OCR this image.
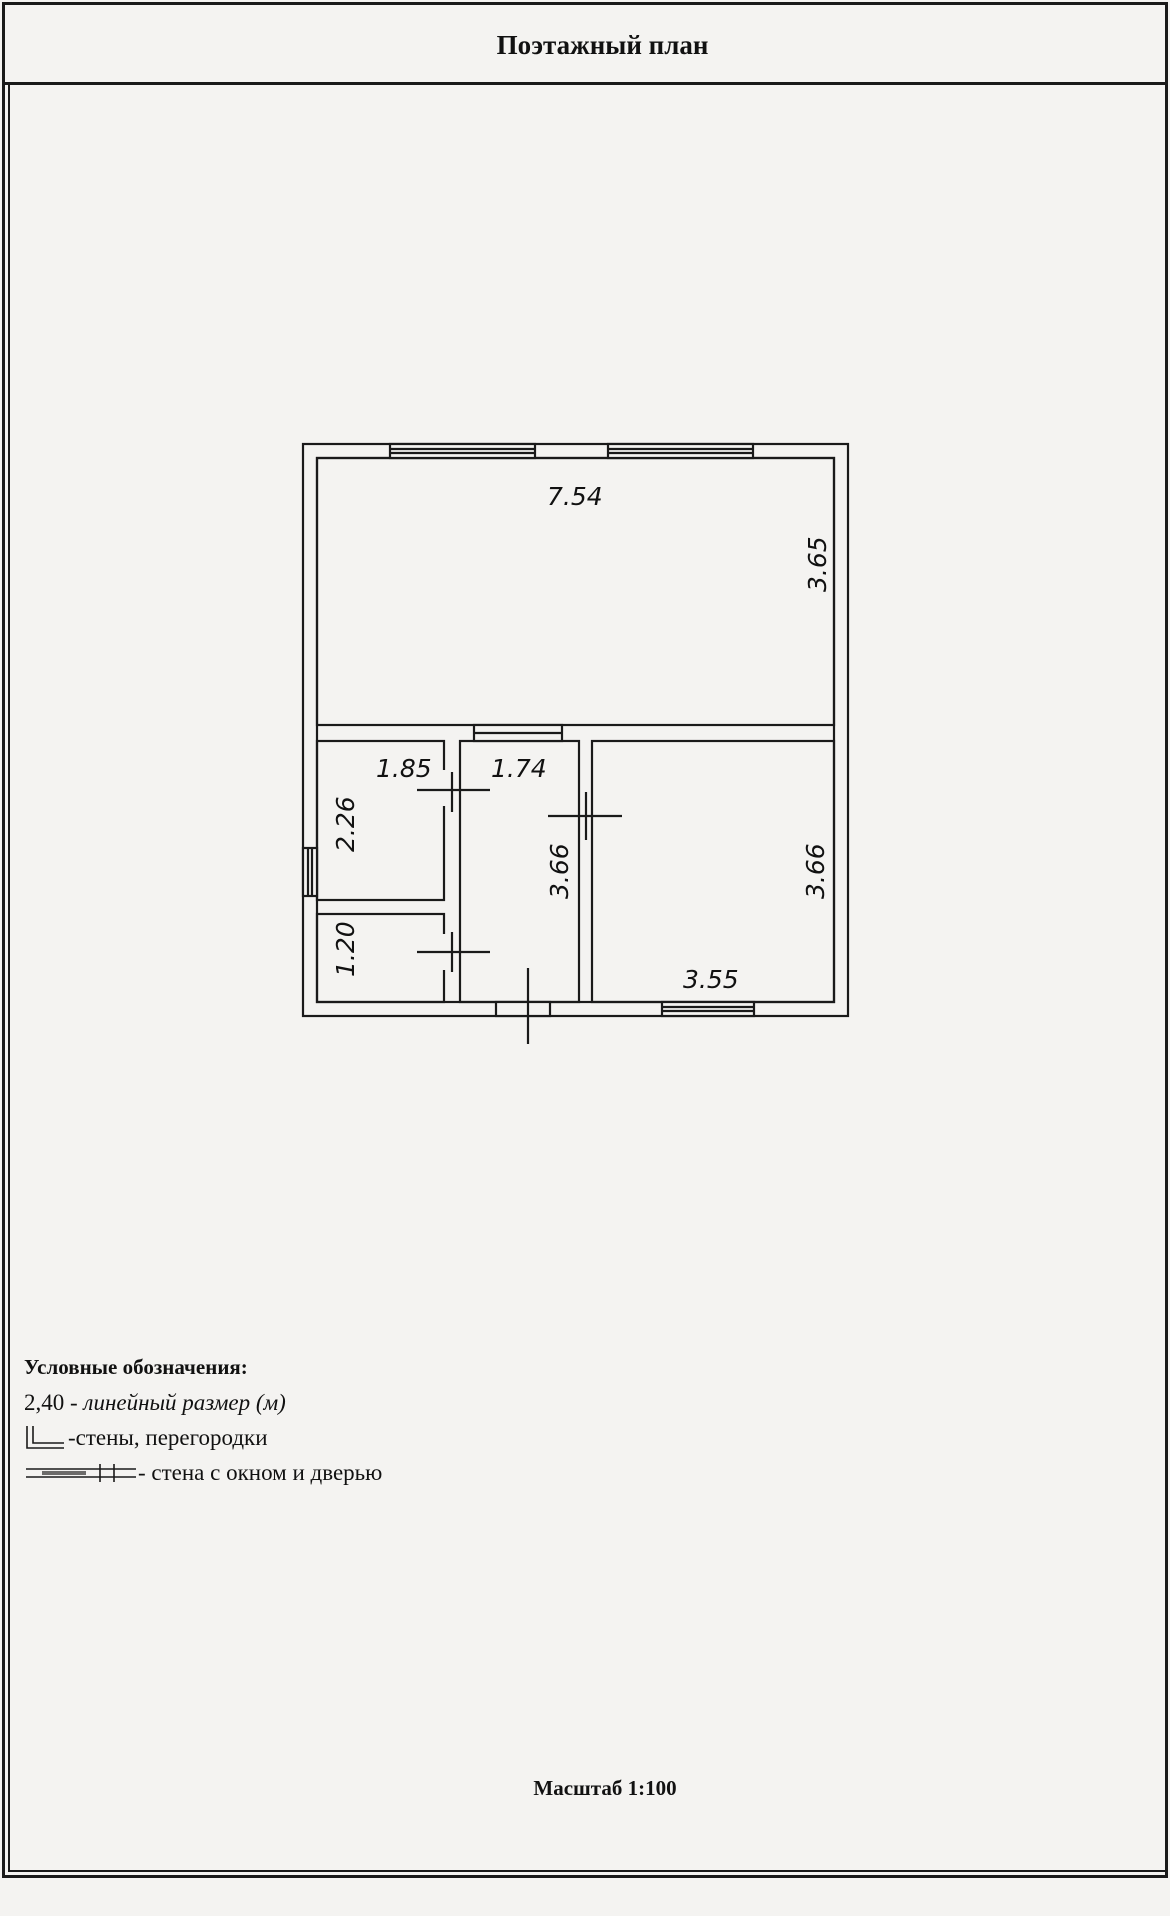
Поэтажный план
7.54
3.65
1.85
2.26
1.20
1.74
3.66	3.66
3.55
Условные обозначения:
2,40 - линейный размер (м)
-стены, перегородки
- стена с окном и дверью
Масштаб 1:100
